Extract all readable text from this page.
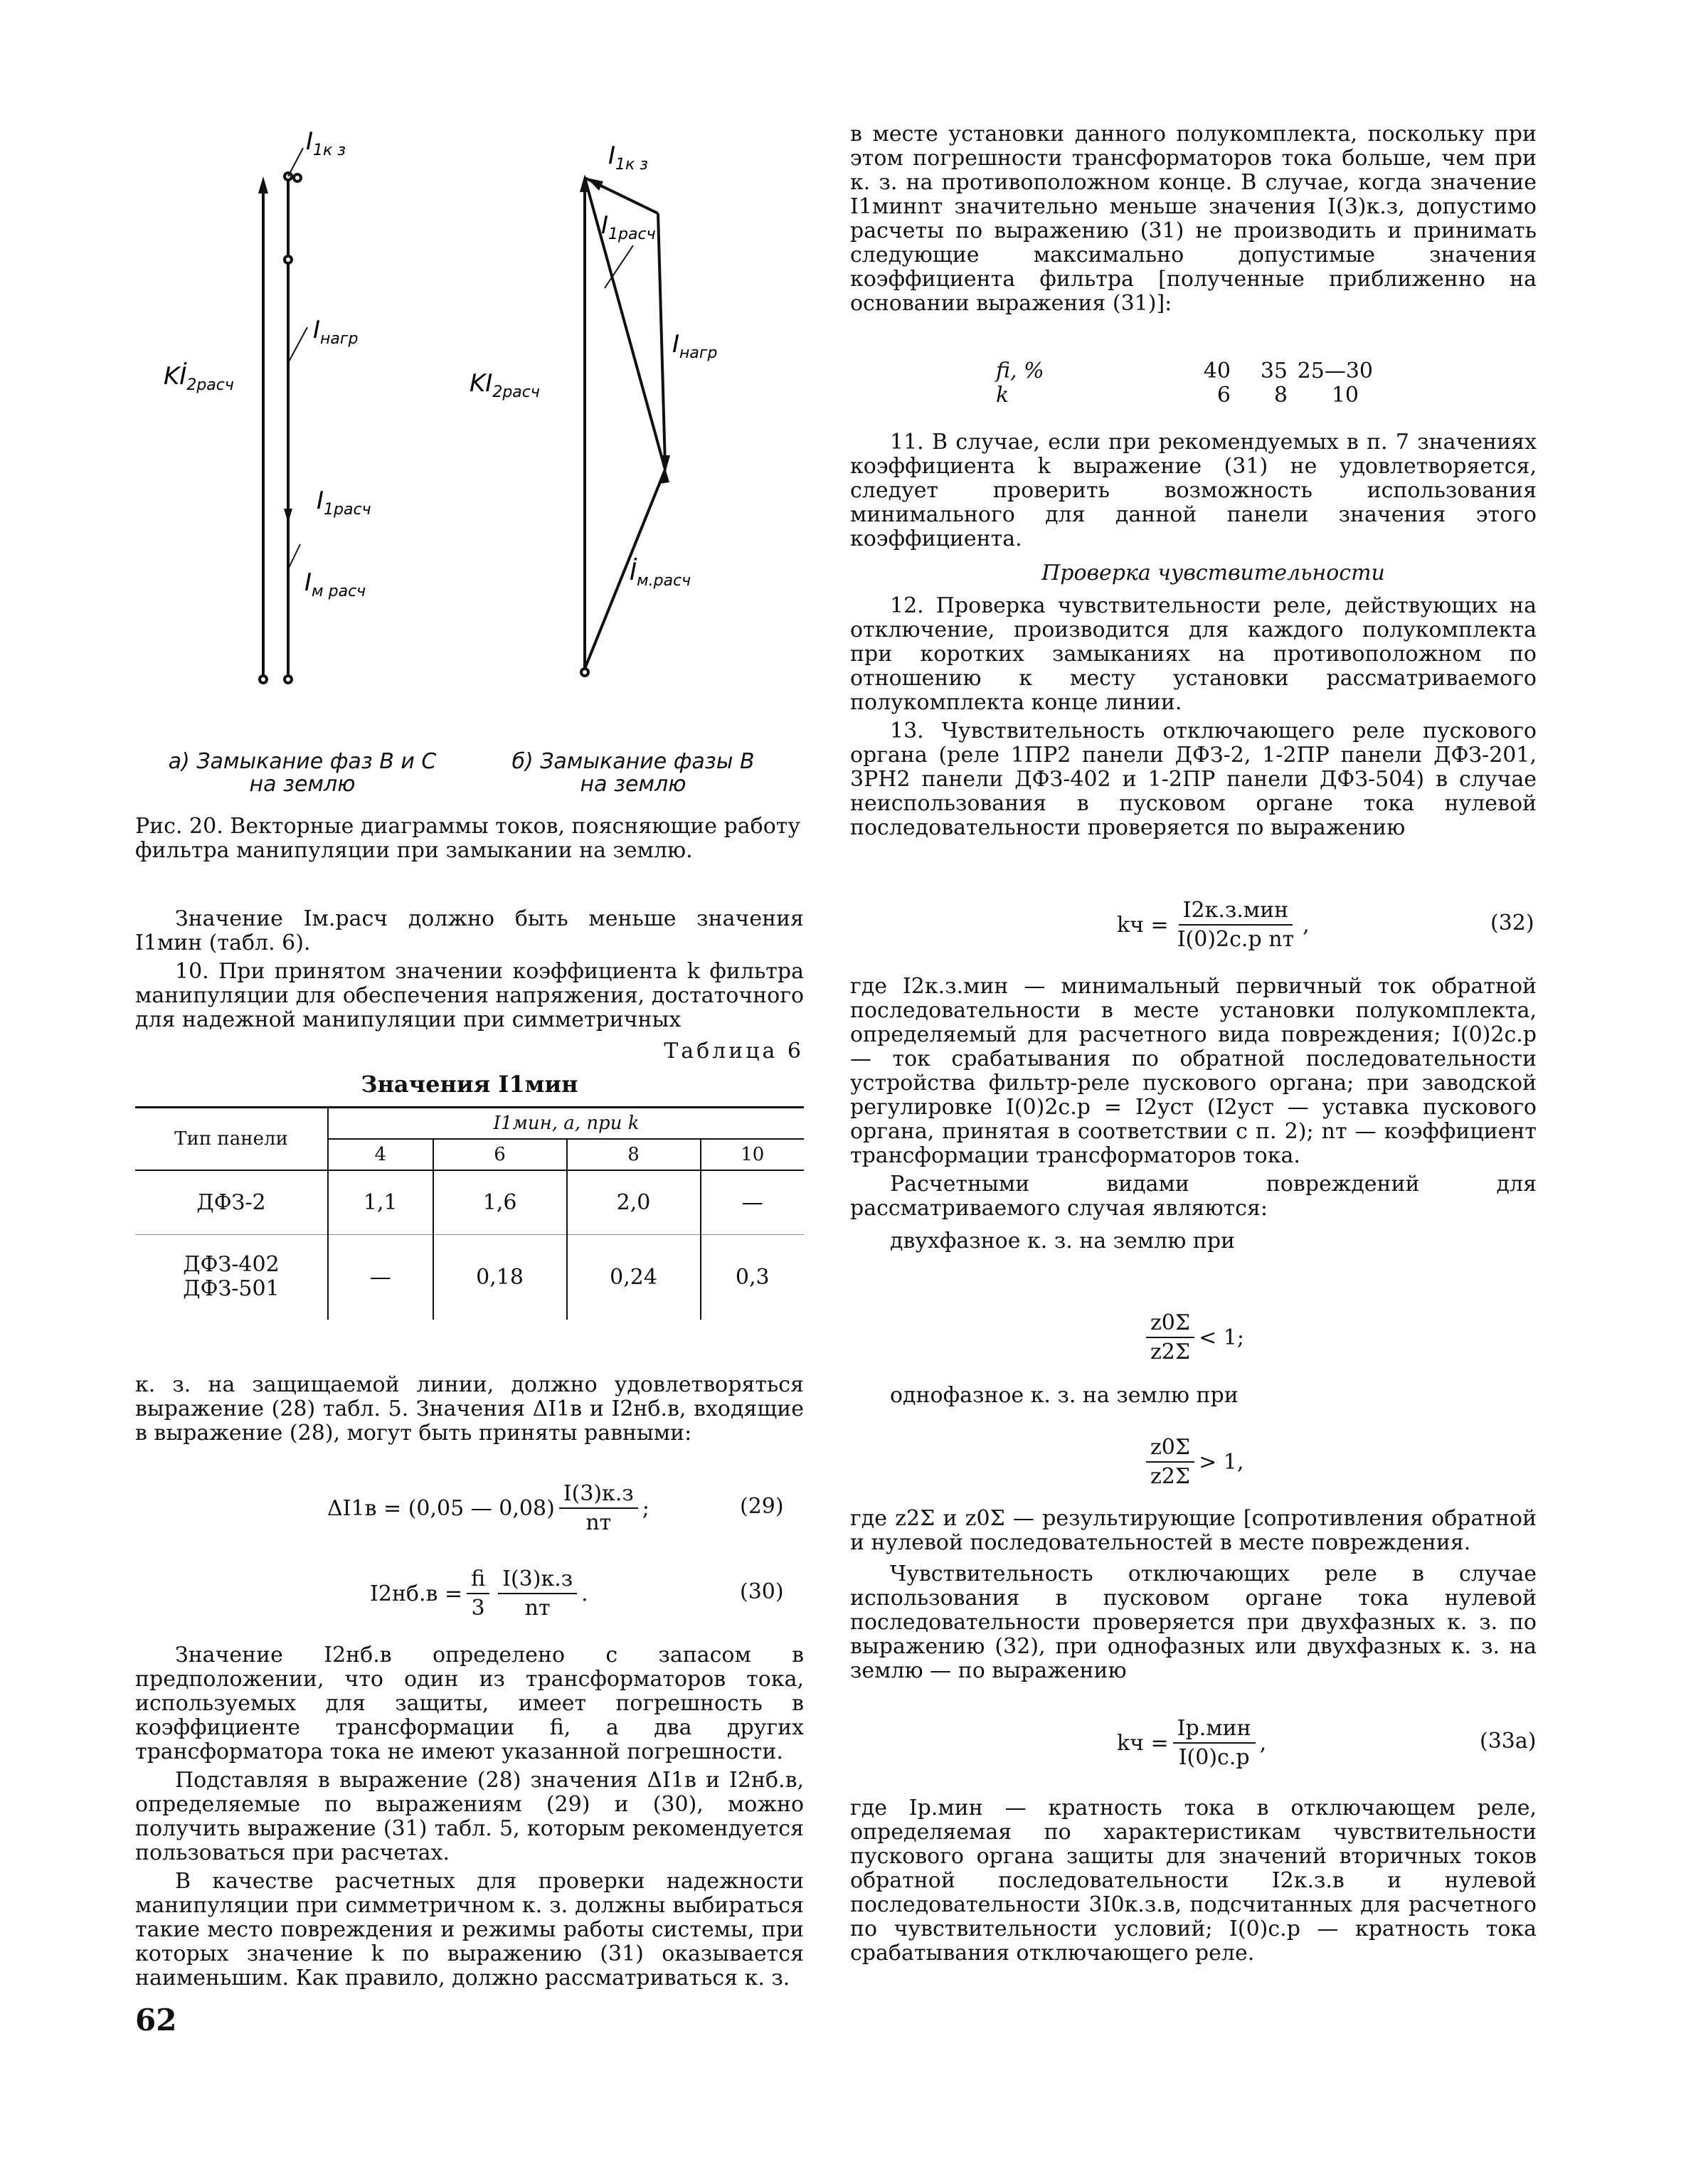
$Kİ_{2расч}$
$I_{1к з}$
$I_{нагр}$
$I_{1расч}$
$I_{м расч}$
$KI_{2расч}$
$I_{1к з}$
$I_{1расч}$
$I_{нагр}$
$İ_{м.расч}$
а) Замыкание фаз В и С
на землю
б) Замыкание фазы В
на землю
Рис. 20. Векторные диаграммы токов, поясняющие работу фильтра манипуляции при замыкании на землю.

Значение Iм.расч должно быть меньше значения I1мин (табл. 6).

10. При принятом значении коэффициента k фильтра манипуляции для обеспечения напряжения, достаточного для надежной манипуляции при симметричных

Таблица 6
Значения I1мин
Тип панели	I1мин, а, при k			
	4	6	8	10
ДФЗ-2	1,1	1,6	2,0	—
ДФЗ-402
ДФЗ-501	—	0,18	0,24	0,3

к. з. на защищаемой линии, должно удовлетворяться выражение (28) табл. 5. Значения ΔI1в и I2нб.в, входящие в выражение (28), могут быть приняты равными:

ΔI1в = (0,05 — $0,08) \frac{I(3)к.з}{nт}$ ;	(29)
$I2нб.в = \frac{fi}{3} \frac{I(3)к.з}{nт}$ .	(30)

Значение I2нб.в определено с запасом в предположении, что один из трансформаторов тока, используемых для защиты, имеет погрешность в коэффициенте трансформации fi, а два других трансформатора тока не имеют указанной погрешности.

Подставляя в выражение (28) значения ΔI1в и I2нб.в, определяемые по выражениям (29) и (30), можно получить выражение (31) табл. 5, которым рекомендуется пользоваться при расчетах.

В качестве расчетных для проверки надежности манипуляции при симметричном к. з. должны выбираться такие место повреждения и режимы работы системы, при которых значение k по выражению (31) оказывается наименьшим. Как правило, должно рассматриваться к. з.

62

в месте установки данного полукомплекта, поскольку при этом погрешности трансформаторов тока больше, чем при к. з. на противоположном конце. В случае, когда значение I1минnт значительно меньше значения I(3)к.з, допустимо расчеты по выражению (31) не производить и принимать следующие максимально допустимые значения коэффициента фильтра [полученные приближенно на основании выражения (31)]:

fi, %	40	35 25—30
k	6	8	10

11. В случае, если при рекомендуемых в п. 7 значениях коэффициента k выражение (31) не удовлетворяется, следует проверить возможность использования минимального для данной панели значения этого коэффициента.

Проверка чувствительности

12. Проверка чувствительности реле, действующих на отключение, производится для каждого полукомплекта при коротких замыканиях на противоположном по отношению к месту установки рассматриваемого полукомплекта конце линии.

13. Чувствительность отключающего реле пускового органа (реле 1ПР2 панели ДФЗ-2, 1-2ПР панели ДФЗ-201, 3РН2 панели ДФЗ-402 и 1-2ПР панели ДФЗ-504) в случае неиспользования в пусковом органе тока нулевой последовательности проверяется по выражению

kч = $\frac{\text{I2к.з.мин}}{\text{I(0)2с.р nт}}$ ,	(32)

где I2к.з.мин — минимальный первичный ток обратной последовательности в месте установки полукомплекта, определяемый для расчетного вида повреждения; I(0)2с.р — ток срабатывания по обратной последовательности устройства фильтр-реле пускового органа; при заводской регулировке I(0)2с.р = I2уст (I2уст — уставка пускового органа, принятая в соответствии с п. 2); nт — коэффициент трансформации трансформаторов тока.

Расчетными видами повреждений для рассматриваемого случая являются:

двухфазное к. з. на землю при

$\frac{z0\Sigma}{z2\Sigma} < 1$;

однофазное к. з. на землю при

$\frac{z0\Sigma}{z2\Sigma} > 1$,

где z2Σ и z0Σ — результирующие [сопротивления обратной и нулевой последовательностей в месте повреждения.

Чувствительность отключающих реле в случае использования в пусковом органе тока нулевой последовательности проверяется при двухфазных к. з. по выражению (32), при однофазных или двухфазных к. з. на землю — по выражению

kч = $\frac{\text{Iр.мин}}{I(0)с.р}$ ,	(33а)

где Iр.мин — кратность тока в отключающем реле, определяемая по характеристикам чувствительности пускового органа защиты для значений вторичных токов обратной последовательности I2к.з.в и нулевой последовательности 3I0к.з.в, подсчитанных для расчетного по чувствительности условий; I(0)с.р — кратность тока срабатывания отключающего реле.
